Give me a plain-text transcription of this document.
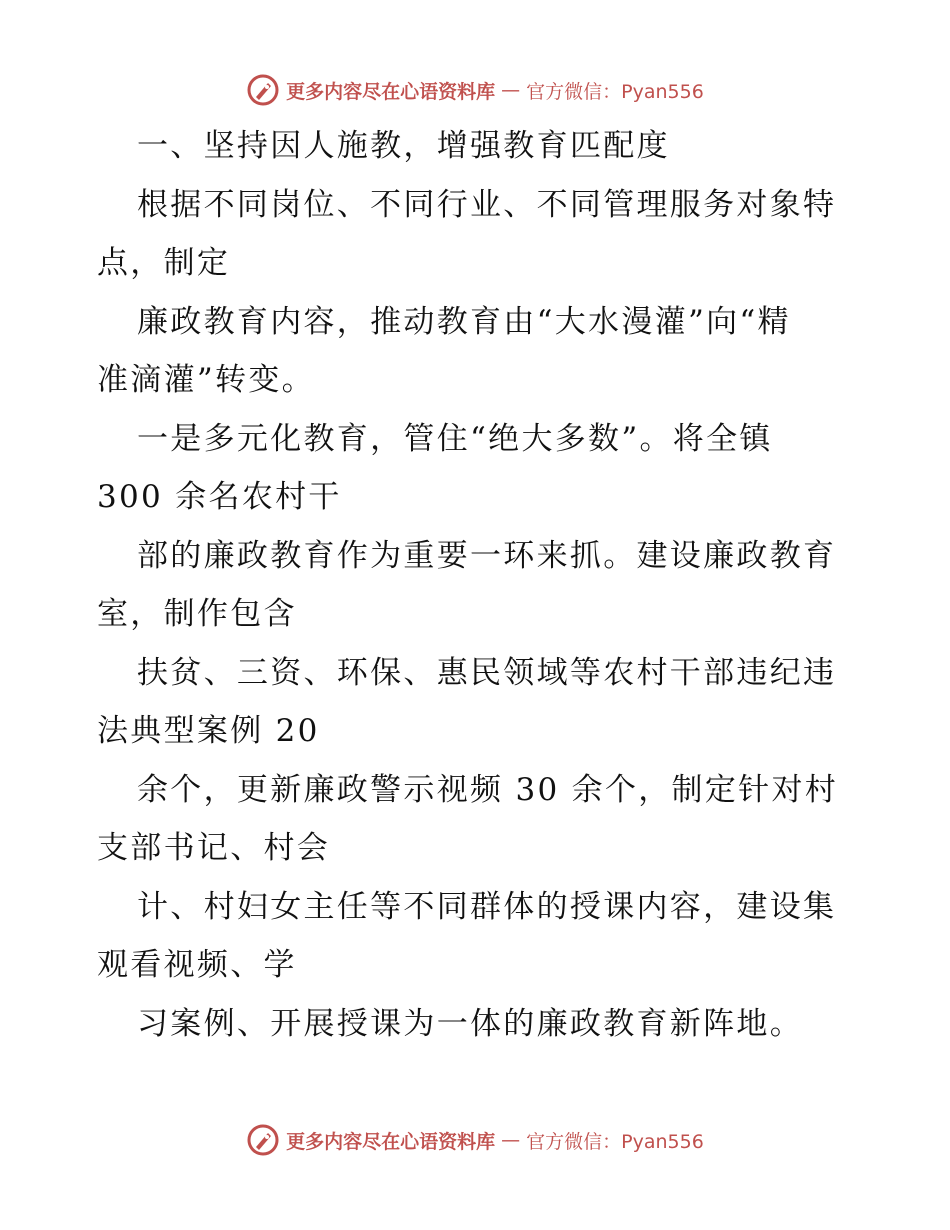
更多内容尽在心语资料库 — 官方微信：Pyan556
一、坚持因人施教，增强教育匹配度
根据不同岗位、不同行业、不同管理服务对象特
点，制定
廉政教育内容，推动教育由“大水漫灌”向“精
准滴灌”转变。
一是多元化教育，管住“绝大多数”。将全镇
300 余名农村干
部的廉政教育作为重要一环来抓。建设廉政教育
室，制作包含
扶贫、三资、环保、惠民领域等农村干部违纪违
法典型案例 20
余个，更新廉政警示视频 30 余个，制定针对村
支部书记、村会
计、村妇女主任等不同群体的授课内容，建设集
观看视频、学
习案例、开展授课为一体的廉政教育新阵地。
更多内容尽在心语资料库 — 官方微信：Pyan556
